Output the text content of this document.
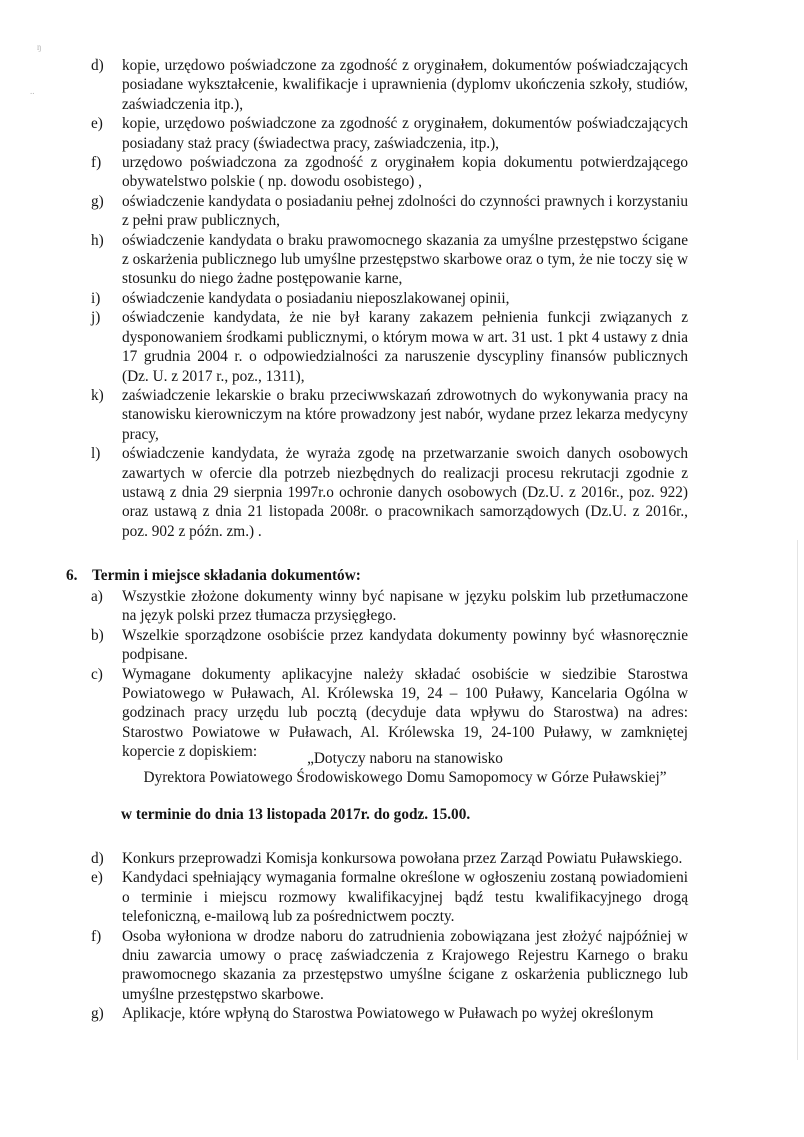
ŋ
..

d)	kopie, urzędowo poświadczone za zgodność z oryginałem, dokumentów poświadczających posiadane wykształcenie, kwalifikacje i uprawnienia (dyplomv ukończenia szkoły, studiów, zaświadczenia itp.),

e)	kopie, urzędowo poświadczone za zgodność z oryginałem, dokumentów poświadczających posiadany staż pracy (świadectwa pracy, zaświadczenia, itp.),

f)	urzędowo poświadczona za zgodność z oryginałem kopia dokumentu potwierdzającego obywatelstwo polskie ( np. dowodu osobistego) ,

g)	oświadczenie kandydata o posiadaniu pełnej zdolności do czynności prawnych i korzystaniu z pełni praw publicznych,

h)	oświadczenie kandydata o braku prawomocnego skazania za umyślne przestępstwo ścigane z oskarżenia publicznego lub umyślne przestępstwo skarbowe oraz o tym, że nie toczy się w stosunku do niego żadne postępowanie karne,

i)	oświadczenie kandydata o posiadaniu nieposzlakowanej opinii,

j)	oświadczenie kandydata, że nie był karany zakazem pełnienia funkcji związanych z dysponowaniem środkami publicznymi, o którym mowa w art. 31 ust. 1 pkt 4 ustawy z dnia 17 grudnia 2004 r. o odpowiedzialności za naruszenie dyscypliny finansów publicznych (Dz. U. z 2017 r., poz., 1311),

k)	zaświadczenie lekarskie o braku przeciwwskazań zdrowotnych do wykonywania pracy na stanowisku kierowniczym na które prowadzony jest nabór, wydane przez lekarza medycyny pracy,

l)	oświadczenie kandydata, że wyraża zgodę na przetwarzanie swoich danych osobowych zawartych w ofercie dla potrzeb niezbędnych do realizacji procesu rekrutacji zgodnie z ustawą z dnia 29 sierpnia 1997r.o ochronie danych osobowych (Dz.U. z 2016r., poz. 922) oraz ustawą z dnia 21 listopada 2008r. o pracownikach samorządowych (Dz.U. z 2016r., poz. 902 z późn. zm.) .

6. Termin i miejsce składania dokumentów:

a)	Wszystkie złożone dokumenty winny być napisane w języku polskim lub przetłumaczone na język polski przez tłumacza przysięgłego.

b)	Wszelkie sporządzone osobiście przez kandydata dokumenty powinny być własnoręcznie podpisane.

c)	Wymagane dokumenty aplikacyjne należy składać osobiście w siedzibie Starostwa Powiatowego w Puławach, Al. Królewska 19, 24 – 100 Puławy, Kancelaria Ogólna w godzinach pracy urzędu lub pocztą (decyduje data wpływu do Starostwa) na adres: Starostwo Powiatowe w Puławach, Al. Królewska 19, 24-100 Puławy, w zamkniętej kopercie z dopiskiem:	„Dotyczy naboru na stanowisko
Dyrektora Powiatowego Środowiskowego Domu Samopomocy w Górze Puławskiej”
w terminie do dnia 13 listopada 2017r. do godz. 15.00.

d)	Konkurs przeprowadzi Komisja konkursowa powołana przez Zarząd Powiatu Puławskiego.

e)	Kandydaci spełniający wymagania formalne określone w ogłoszeniu zostaną powiadomieni o terminie i miejscu rozmowy kwalifikacyjnej bądź testu kwalifikacyjnego drogą telefoniczną, e-mailową lub za pośrednictwem poczty.

f)	Osoba wyłoniona w drodze naboru do zatrudnienia zobowiązana jest złożyć najpóźniej w dniu zawarcia umowy o pracę zaświadczenia z Krajowego Rejestru Karnego o braku prawomocnego skazania za przestępstwo umyślne ścigane z oskarżenia publicznego lub umyślne przestępstwo skarbowe.

g)	Aplikacje, które wpłyną do Starostwa Powiatowego w Puławach po wyżej określonym
